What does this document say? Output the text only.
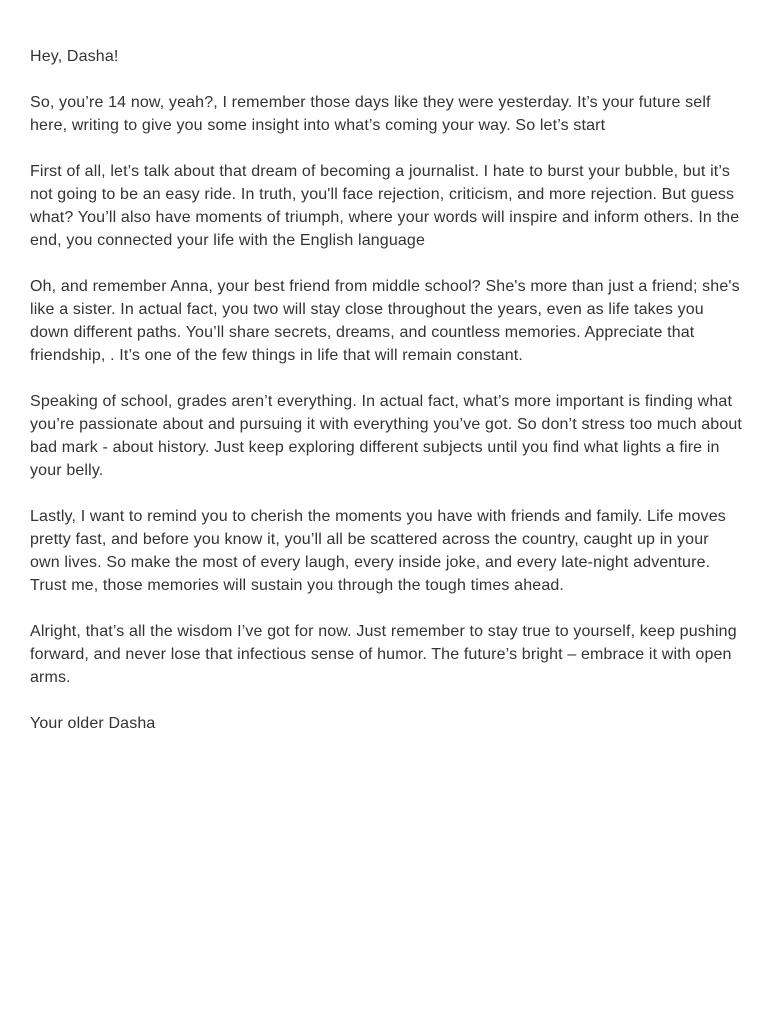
Hey, Dasha!

So, you’re 14 now, yeah?, I remember those days like they were yesterday. It’s your future self here, writing to give you some insight into what’s coming your way. So let’s start

First of all, let’s talk about that dream of becoming a journalist. I hate to burst your bubble, but it’s not going to be an easy ride. In truth, you'll face rejection, criticism, and more rejection. But guess what? You’ll also have moments of triumph, where your words will inspire and inform others. In the end, you connected your life with the English language

Oh, and remember Anna, your best friend from middle school? She's more than just a friend; she's like a sister. In actual fact, you two will stay close throughout the years, even as life takes you down different paths. You’ll share secrets, dreams, and countless memories. Appreciate that friendship, . It’s one of the few things in life that will remain constant.

Speaking of school, grades aren’t everything. In actual fact, what’s more important is finding what you’re passionate about and pursuing it with everything you’ve got. So don’t stress too much about bad mark - about history. Just keep exploring different subjects until you find what lights a fire in your belly.

Lastly, I want to remind you to cherish the moments you have with friends and family. Life moves pretty fast, and before you know it, you’ll all be scattered across the country, caught up in your own lives. So make the most of every laugh, every inside joke, and every late-night adventure. Trust me, those memories will sustain you through the tough times ahead.

Alright, that’s all the wisdom I’ve got for now. Just remember to stay true to yourself, keep pushing forward, and never lose that infectious sense of humor. The future’s bright – embrace it with open arms.

Your older Dasha
